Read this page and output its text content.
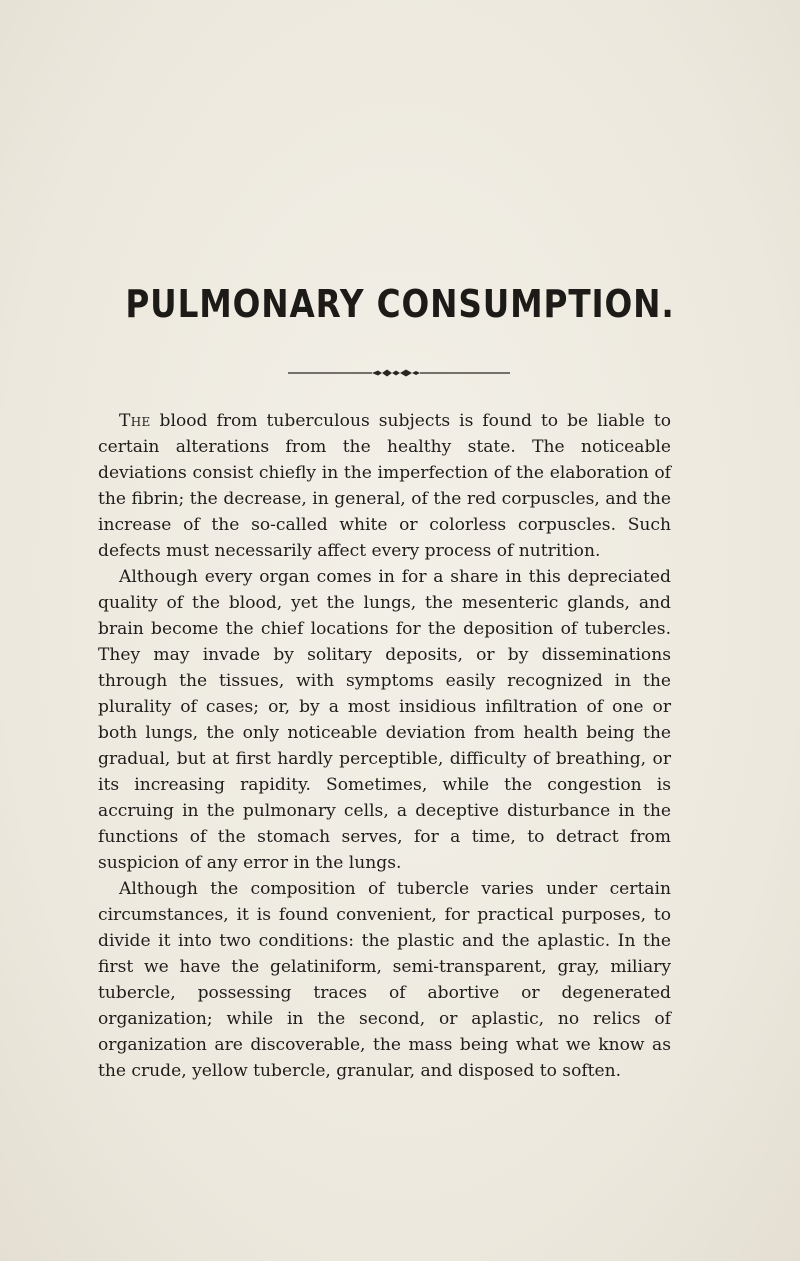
PULMONARY CONSUMPTION.

The blood from tuberculous subjects is found to be liable to certain alterations from the healthy state. The noticeable deviations consist chiefly in the imperfection of the elaboration of the fibrin; the decrease, in general, of the red corpuscles, and the increase of the so-called white or colorless corpuscles. Such defects must necessarily affect every process of nutrition.

Although every organ comes in for a share in this depreciated quality of the blood, yet the lungs, the mesenteric glands, and brain become the chief locations for the deposition of tubercles. They may invade by solitary deposits, or by disseminations through the tissues, with symptoms easily recognized in the plurality of cases; or, by a most insidious infiltration of one or both lungs, the only noticeable deviation from health being the gradual, but at first hardly perceptible, difficulty of breathing, or its increasing rapidity. Sometimes, while the congestion is accruing in the pulmonary cells, a deceptive disturbance in the functions of the stomach serves, for a time, to detract from suspicion of any error in the lungs.

Although the composition of tubercle varies under certain circumstances, it is found convenient, for practical purposes, to divide it into two conditions: the plastic and the aplastic. In the first we have the gelatiniform, semi-transparent, gray, miliary tubercle, possessing traces of abortive or degenerated organization; while in the second, or aplastic, no relics of organization are discoverable, the mass being what we know as the crude, yellow tubercle, granular, and disposed to soften.
